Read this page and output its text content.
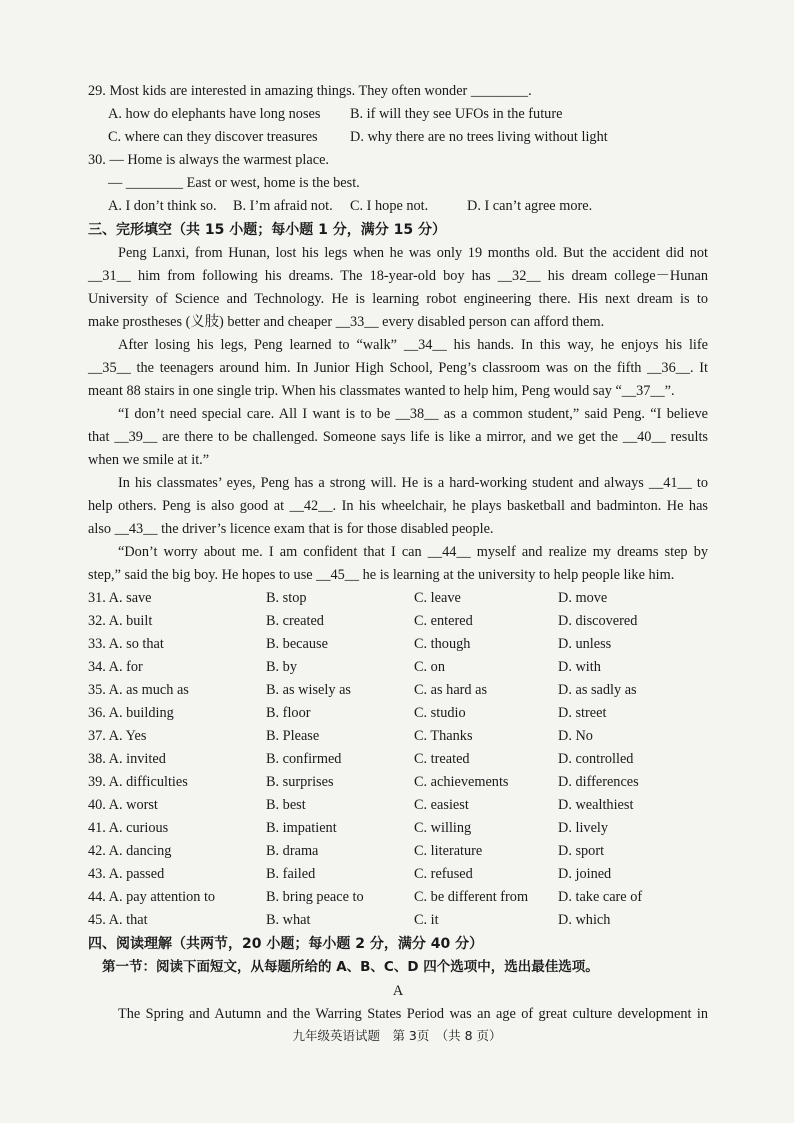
29. Most kids are interested in amazing things. They often wonder ________.
A. how do elephants have long noses	B. if will they see UFOs in the future
C. where can they discover treasures	D. why there are no trees living without light
30. — Home is always the warmest place.
— ________ East or west, home is the best.
A. I don’t think so.	B. I’m afraid not.	C. I hope not.	D. I can’t agree more.
三、完形填空（共 15 小题；每小题 1 分，满分 15 分）
Peng Lanxi, from Hunan, lost his legs when he was only 19 months old. But the accident did not
__31__ him from following his dreams. The 18-year-old boy has __32__ his dream college－Hunan
University of Science and Technology. He is learning robot engineering there. His next dream is to
make prostheses (义肢) better and cheaper __33__ every disabled person can afford them.
After losing his legs, Peng learned to “walk” __34__ his hands. In this way, he enjoys his life
__35__ the teenagers around him. In Junior High School, Peng’s classroom was on the fifth __36__. It
meant 88 stairs in one single trip. When his classmates wanted to help him, Peng would say “__37__”.
“I don’t need special care. All I want is to be __38__ as a common student,” said Peng. “I believe
that __39__ are there to be challenged. Someone says life is like a mirror, and we get the __40__ results
when we smile at it.”
In his classmates’ eyes, Peng has a strong will. He is a hard-working student and always __41__ to
help others. Peng is also good at __42__. In his wheelchair, he plays basketball and badminton. He has
also __43__ the driver’s licence exam that is for those disabled people.
“Don’t worry about me. I am confident that I can __44__ myself and realize my dreams step by
step,” said the big boy. He hopes to use __45__ he is learning at the university to help people like him.
31. A. save	B. stop	C. leave	D. move
32. A. built	B. created	C. entered	D. discovered
33. A. so that	B. because	C. though	D. unless
34. A. for	B. by	C. on	D. with
35. A. as much as	B. as wisely as	C. as hard as	D. as sadly as
36. A. building	B. floor	C. studio	D. street
37. A. Yes	B. Please	C. Thanks	D. No
38. A. invited	B. confirmed	C. treated	D. controlled
39. A. difficulties	B. surprises	C. achievements	D. differences
40. A. worst	B. best	C. easiest	D. wealthiest
41. A. curious	B. impatient	C. willing	D. lively
42. A. dancing	B. drama	C. literature	D. sport
43. A. passed	B. failed	C. refused	D. joined
44. A. pay attention to	B. bring peace to	C. be different from	D. take care of
45. A. that	B. what	C. it	D. which
四、阅读理解（共两节，20 小题；每小题 2 分，满分 40 分）
第一节：阅读下面短文，从每题所给的 A、B、C、D 四个选项中，选出最佳选项。
A
The Spring and Autumn and the Warring States Period was an age of great culture development in
九年级英语试题　第 3页　（共 8 页）
